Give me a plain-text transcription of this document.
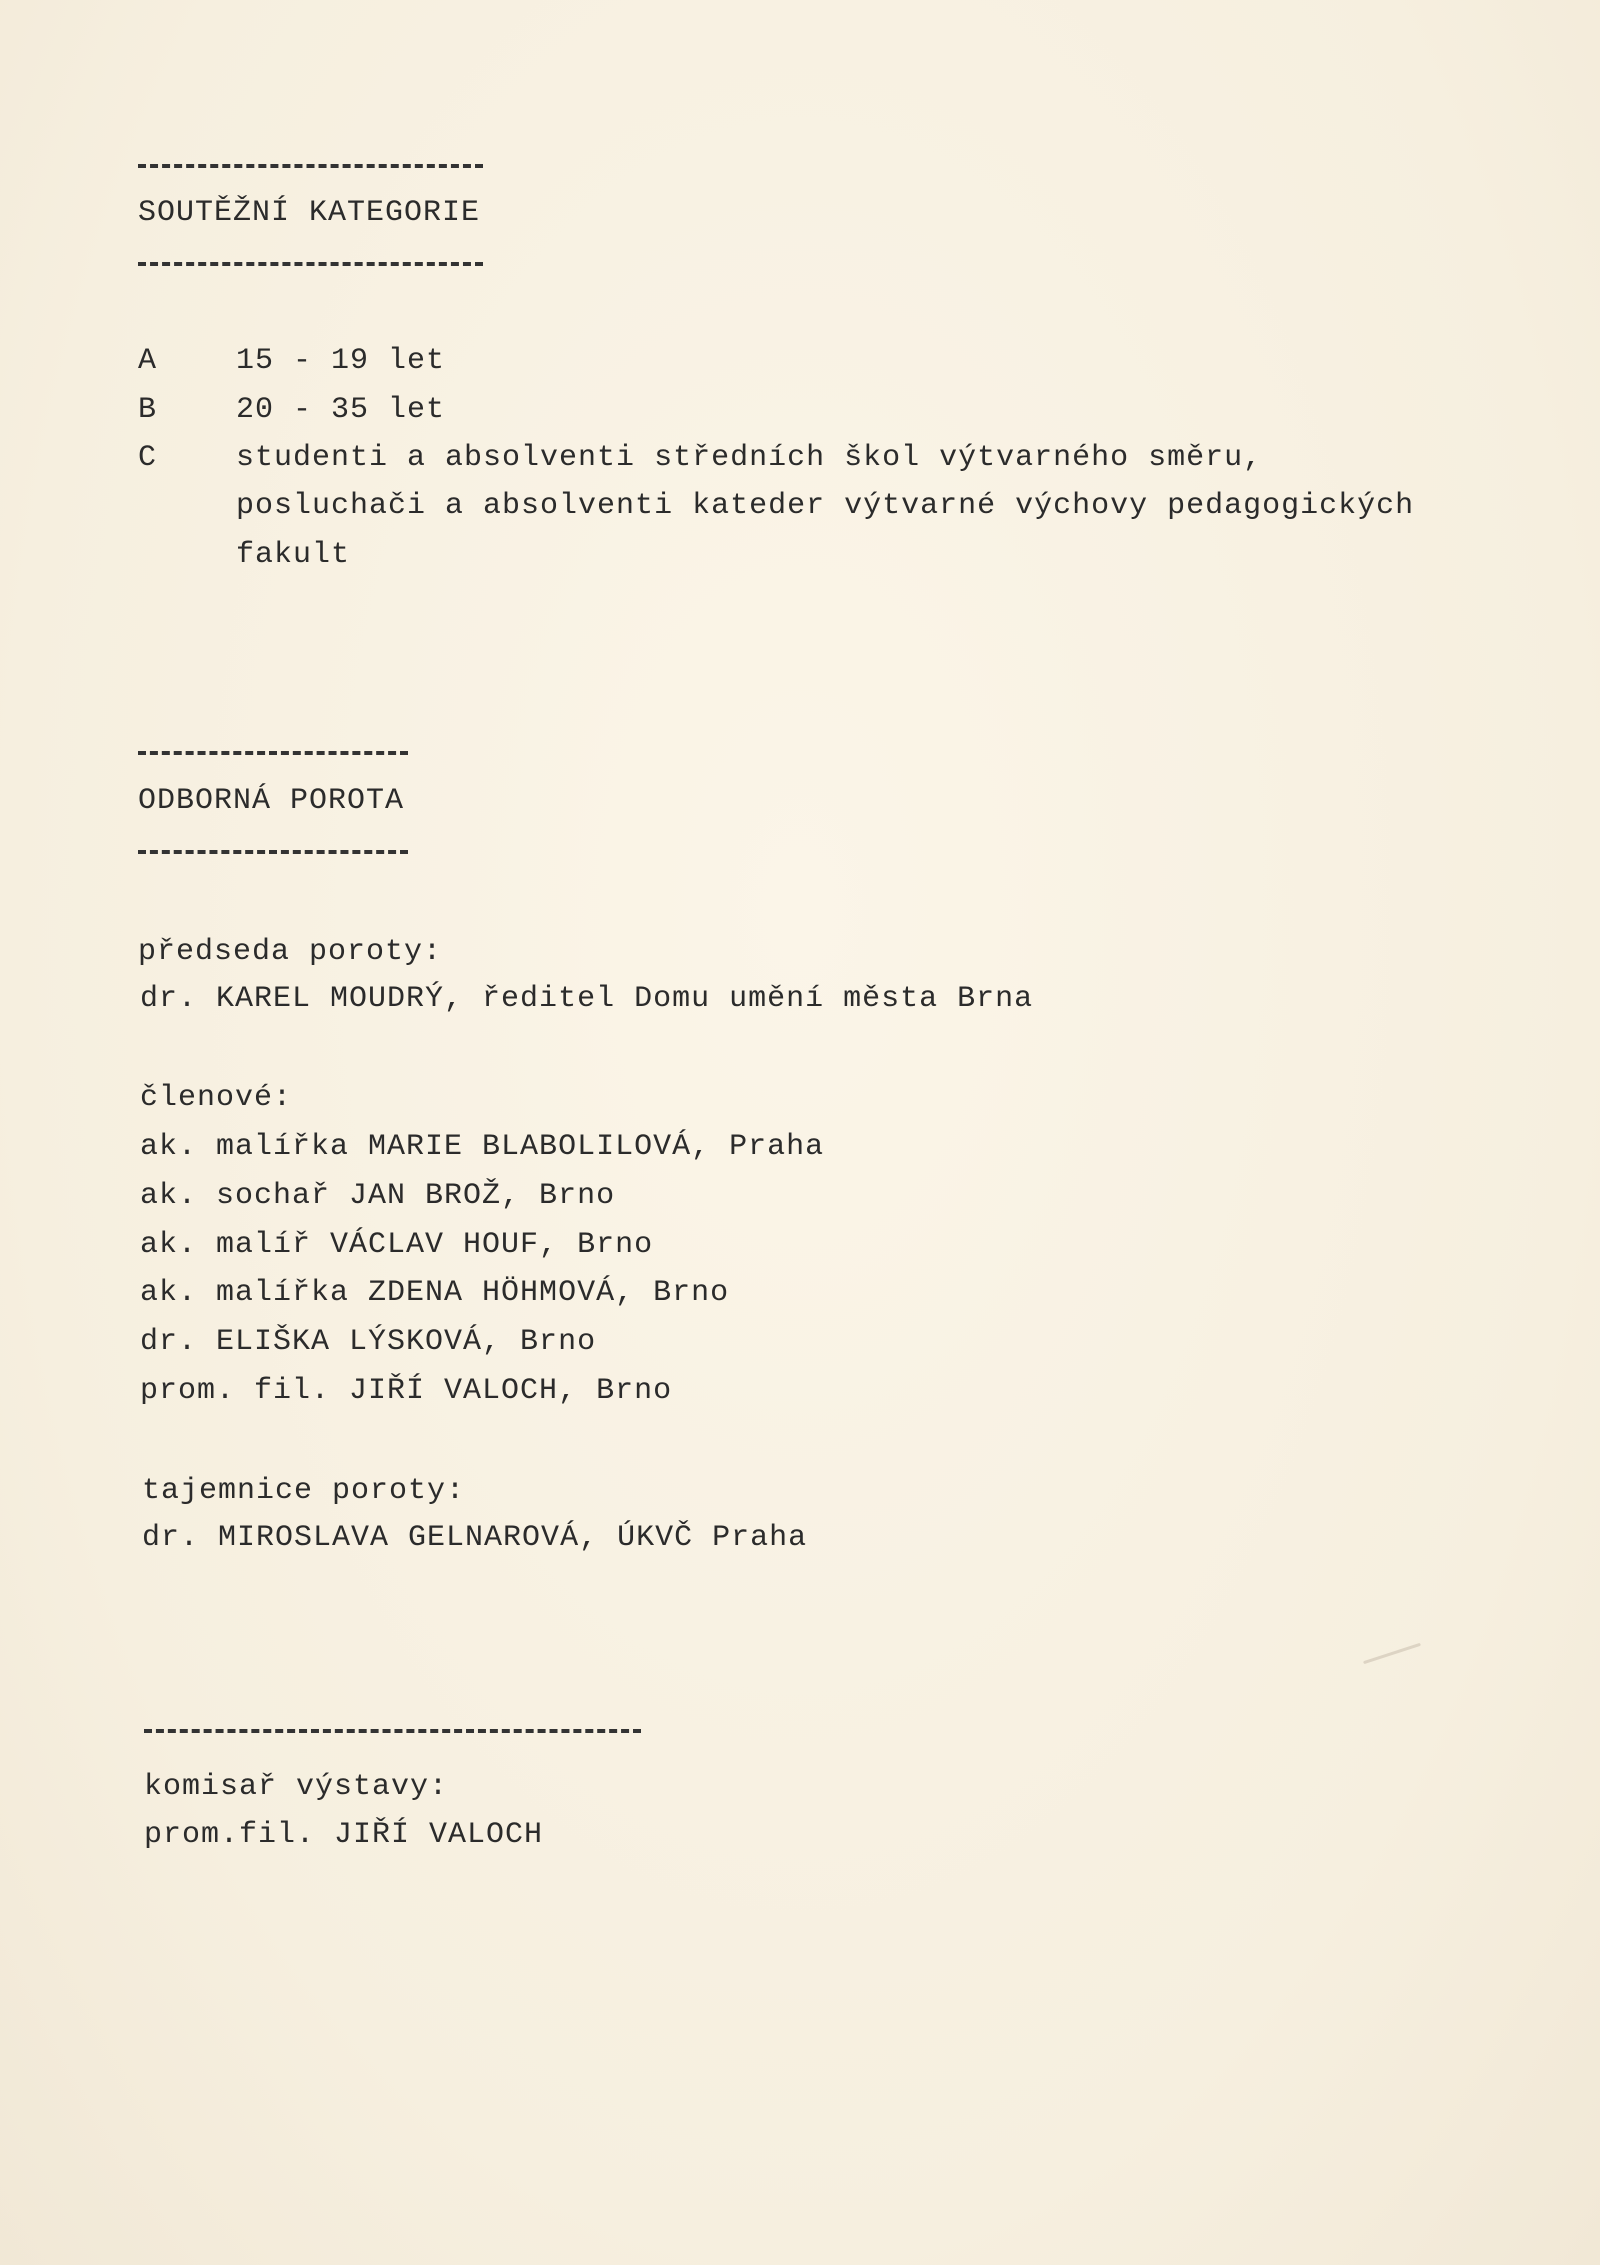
SOUTĚŽNÍ KATEGORIE
A	15 - 19 let
B	20 - 35 let
C	studenti a absolventi středních škol výtvarného směru,
posluchači a absolventi kateder výtvarné výchovy pedagogických
fakult
ODBORNÁ POROTA
předseda poroty:
dr. KAREL MOUDRÝ, ředitel Domu umění města Brna
členové:
ak. malířka MARIE BLABOLILOVÁ, Praha
ak. sochař JAN BROŽ, Brno
ak. malíř VÁCLAV HOUF, Brno
ak. malířka ZDENA HÖHMOVÁ, Brno
dr. ELIŠKA LÝSKOVÁ, Brno
prom. fil. JIŘÍ VALOCH, Brno
tajemnice poroty:
dr. MIROSLAVA GELNAROVÁ, ÚKVČ Praha
komisař výstavy:
prom.fil. JIŘÍ VALOCH
